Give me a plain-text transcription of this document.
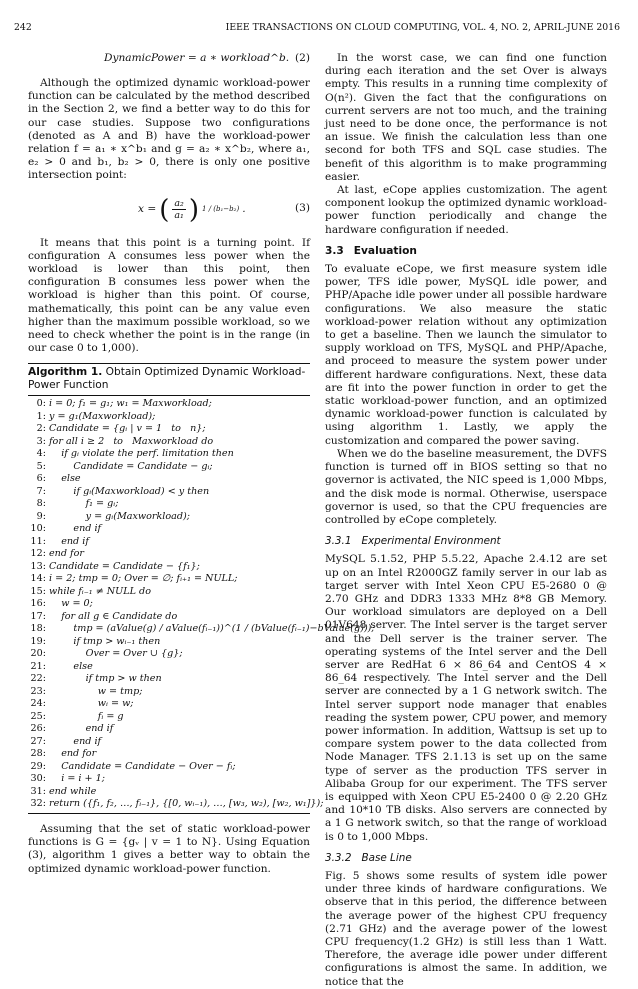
242	IEEE TRANSACTIONS ON CLOUD COMPUTING, VOL. 4, NO. 2, APRIL-JUNE 2016
DynamicPower = a ∗ workload^b. (2)

Although the optimized dynamic workload-power function can be calculated by the method described in the Section 2, we find a better way to do this for our case studies. Suppose two configurations (denoted as A and B) have the workload-power relation f = a₁ ∗ x^b₁ and g = a₂ ∗ x^b₂, where a₁, e₂ > 0 and b₁, b₂ > 0, there is only one positive intersection point:

x = ( $\frac{\text{a₂}}{\text{a₁}}$ ) 1 / (b₁−b₂) .	(3)

It means that this point is a turning point. If configuration A consumes less power when the workload is lower than this point, then configuration B consumes less power when the workload is higher than this point. Of course, mathematically, this point can be any value even higher than the maximum possible workload, so we need to check whether the point is in the range (in our case 0 to 1,000).

Algorithm 1. Obtain Optimized Dynamic Workload-Power Function
0: i = 0; f₁ = g₁; w₁ = Maxworkload;
1: y = g₁(Maxworkload);
2: Candidate = {gᵢ | v = 1   to   n};
3: for all i ≥ 2   to   Maxworkload do
4: if gᵢ violate the perf. limitation then
5: Candidate = Candidate − gᵢ;
6: else
7: if gᵢ(Maxworkload) < y then
8: f₁ = gᵢ;
9: y = gᵢ(Maxworkload);
10: end if
11: end if
12: end for
13: Candidate = Candidate − {f₁};
14: i = 2; tmp = 0; Over = ∅; fᵢ₊₁ = NULL;
15: while fᵢ₋₁ ≠ NULL do
16: w = 0;
17: for all g ∈ Candidate do
18: tmp = (aValue(g) / aValue(fᵢ₋₁))^(1 / (bValue(fᵢ₋₁)−bValue(g)));
19: if tmp > wᵢ₋₁ then
20: Over = Over ∪ {g};
21: else
22: if tmp > w then
23: w = tmp;
24: wᵢ = w;
25: fᵢ = g
26: end if
27: end if
28: end for
29: Candidate = Candidate − Over − fᵢ;
30: i = i + 1;
31: end while
32: return ({f₁, f₂, …, fᵢ₋₁}, {[0, wᵢ₋₁), …, [w₃, w₂), [w₂, w₁]});

Assuming that the set of static workload-power functions is G = {gᵥ | v = 1 to N}. Using Equation (3), algorithm 1 gives a better way to obtain the optimized dynamic workload-power function.

In the worst case, we can find one function during each iteration and the set Over is always empty. This results in a running time complexity of O(n²). Given the fact that the configurations on current servers are not too much, and the training just need to be done once, the performance is not an issue. We finish the calculation less than one second for both TFS and SQL case studies. The benefit of this algorithm is to make programming easier.

At last, eCope applies customization. The agent component lookup the optimized dynamic workload-power function periodically and change the hardware configuration if needed.

3.3 Evaluation

To evaluate eCope, we first measure system idle power, TFS idle power, MySQL idle power, and PHP/Apache idle power under all possible hardware configurations. We also measure the static workload-power relation without any optimization to get a baseline. Then we launch the simulator to supply workload on TFS, MySQL and PHP/Apache, and proceed to measure the system power under different hardware configurations. Next, these data are fit into the power function in order to get the static workload-power function, and an optimized dynamic workload-power function is calculated by using algorithm 1. Lastly, we apply the customization and compared the power saving.

When we do the baseline measurement, the DVFS function is turned off in BIOS setting so that no governor is activated, the NIC speed is 1,000 Mbps, and the disk mode is normal. Otherwise, userspace governor is used, so that the CPU frequencies are controlled by eCope completely.

3.3.1 Experimental Environment

MySQL 5.1.52, PHP 5.5.22, Apache 2.4.12 are set up on an Intel R2000GZ family server in our lab as target server with Intel Xeon CPU E5-2680 0 @ 2.70 GHz and DDR3 1333 MHz 8*8 GB Memory. Our workload simulators are deployed on a Dell 01V648 server. The Intel server is the target server and the Dell server is the trainer server. The operating systems of the Intel server and the Dell server are RedHat 6 × 86_64 and CentOS 4 × 86_64 respectively. The Intel server and the Dell server are connected by a 1 G network switch. The Intel server support node manager that enables reading the system power, CPU power, and memory power information. In addition, Wattsup is set up to compare system power to the data collected from Node Manager. TFS 2.1.13 is set up on the same type of server as the production TFS server in Alibaba Group for our experiment. The TFS server is equipped with Xeon CPU E5-2400 0 @ 2.20 GHz and 10*10 TB disks. Also servers are connected by a 1 G network switch, so that the range of workload is 0 to 1,000 Mbps.

3.3.2 Base Line

Fig. 5 shows some results of system idle power under three kinds of hardware configurations. We observe that in this period, the difference between the average power of the highest CPU frequency (2.71 GHz) and the average power of the lowest CPU frequency(1.2 GHz) is still less than 1 Watt. Therefore, the average idle power under different configurations is almost the same. In addition, we notice that the
